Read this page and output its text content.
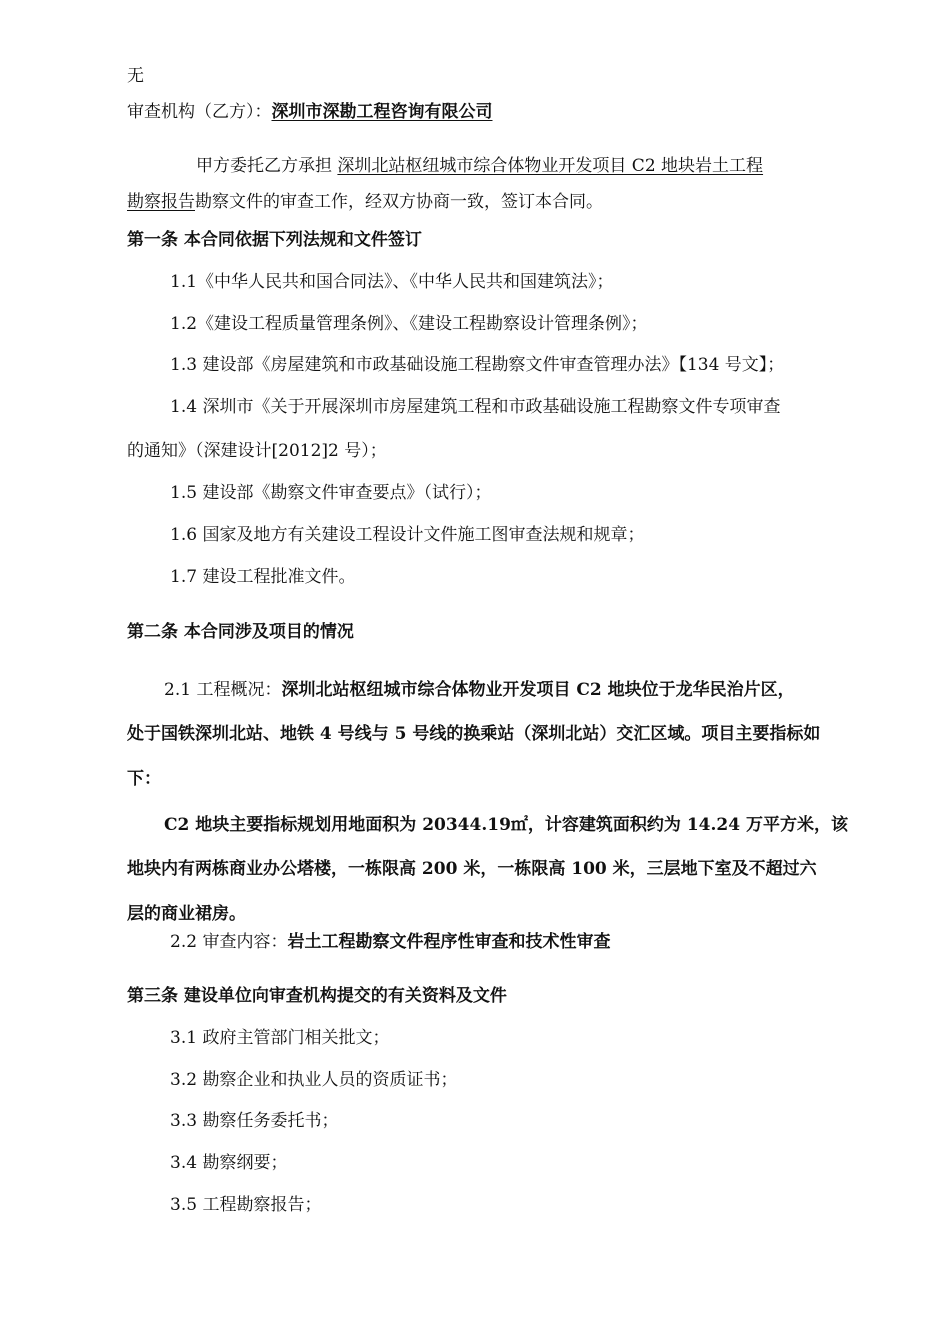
无
审查机构（乙方）：深圳市深勘工程咨询有限公司
甲方委托乙方承担 深圳北站枢纽城市综合体物业开发项目 C2 地块岩土工程
勘察报告勘察文件的审查工作，经双方协商一致，签订本合同。
第一条 本合同依据下列法规和文件签订
1.1《中华人民共和国合同法》、《中华人民共和国建筑法》；
1.2《建设工程质量管理条例》、《建设工程勘察设计管理条例》；
1.3 建设部《房屋建筑和市政基础设施工程勘察文件审查管理办法》【134 号文】；
1.4 深圳市《关于开展深圳市房屋建筑工程和市政基础设施工程勘察文件专项审查
的通知》（深建设计[2012]2 号）；
1.5 建设部《勘察文件审查要点》（试行）；
1.6 国家及地方有关建设工程设计文件施工图审查法规和规章；
1.7 建设工程批准文件。
第二条 本合同涉及项目的情况
2.1 工程概况：深圳北站枢纽城市综合体物业开发项目 C2 地块位于龙华民治片区，
处于国铁深圳北站、地铁 4 号线与 5 号线的换乘站（深圳北站）交汇区域。项目主要指标如
下：
C2 地块主要指标规划用地面积为 20344.19㎡，计容建筑面积约为 14.24 万平方米，该
地块内有两栋商业办公塔楼，一栋限高 200 米，一栋限高 100 米，三层地下室及不超过六
层的商业裙房。
2.2 审查内容：岩土工程勘察文件程序性审查和技术性审查
第三条 建设单位向审查机构提交的有关资料及文件
3.1 政府主管部门相关批文；
3.2 勘察企业和执业人员的资质证书；
3.3 勘察任务委托书；
3.4 勘察纲要；
3.5 工程勘察报告；
